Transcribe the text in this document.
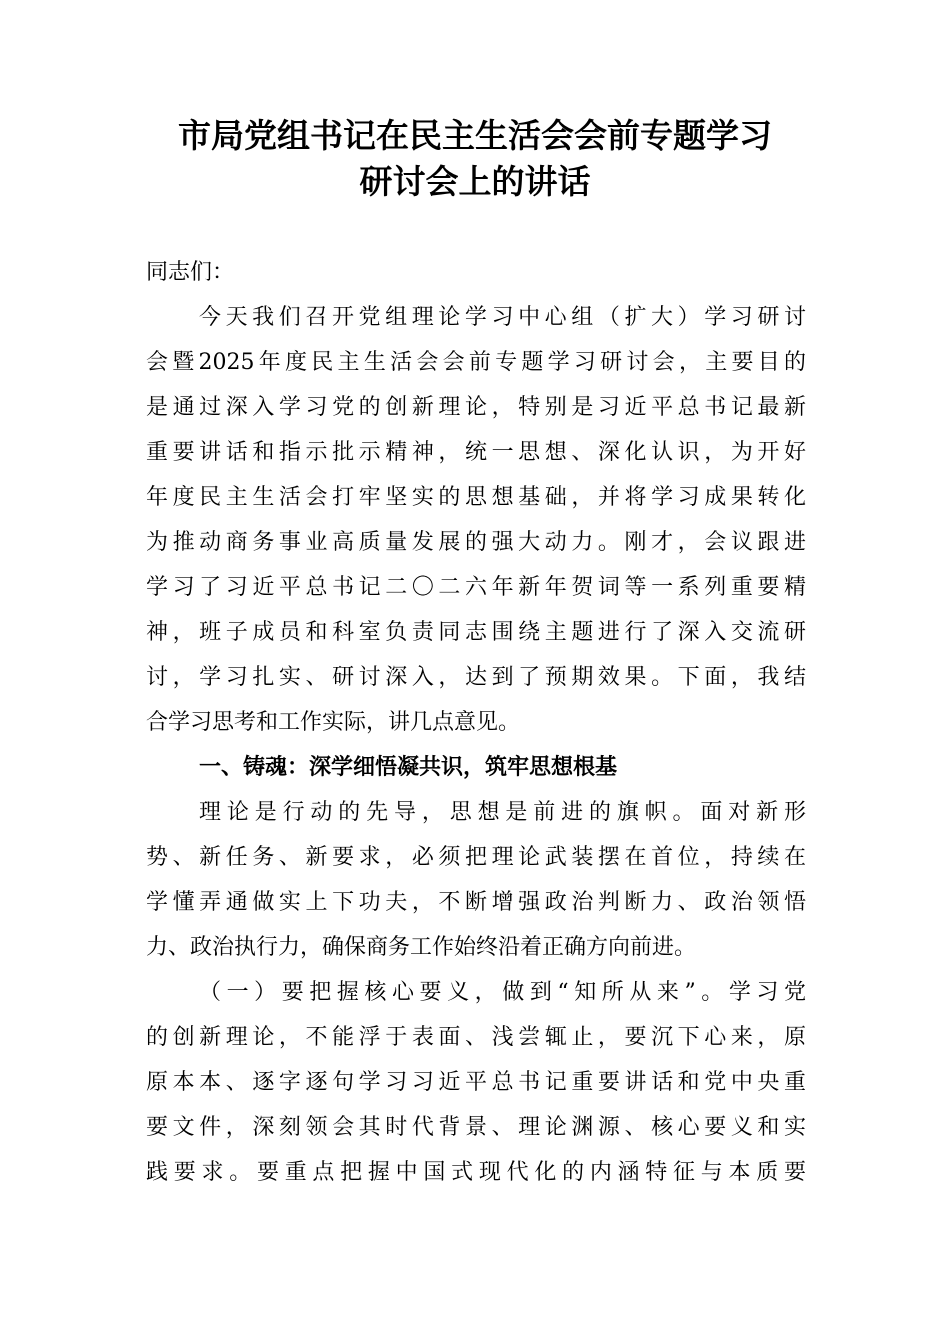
市局党组书记在民主生活会会前专题学习
研讨会上的讲话
同志们：
今天我们召开党组理论学习中心组（扩大）学习研讨
会暨2025年度民主生活会会前专题学习研讨会，主要目的
是通过深入学习党的创新理论，特别是习近平总书记最新
重要讲话和指示批示精神，统一思想、深化认识，为开好
年度民主生活会打牢坚实的思想基础，并将学习成果转化
为推动商务事业高质量发展的强大动力。刚才，会议跟进
学习了习近平总书记二〇二六年新年贺词等一系列重要精
神，班子成员和科室负责同志围绕主题进行了深入交流研
讨，学习扎实、研讨深入，达到了预期效果。下面，我结
合学习思考和工作实际，讲几点意见。
一、铸魂：深学细悟凝共识，筑牢思想根基
理论是行动的先导，思想是前进的旗帜。面对新形
势、新任务、新要求，必须把理论武装摆在首位，持续在
学懂弄通做实上下功夫，不断增强政治判断力、政治领悟
力、政治执行力，确保商务工作始终沿着正确方向前进。
（一）要把握核心要义，做到“知所从来”。学习党
的创新理论，不能浮于表面、浅尝辄止，要沉下心来，原
原本本、逐字逐句学习习近平总书记重要讲话和党中央重
要文件，深刻领会其时代背景、理论渊源、核心要义和实
践要求。要重点把握中国式现代化的内涵特征与本质要
